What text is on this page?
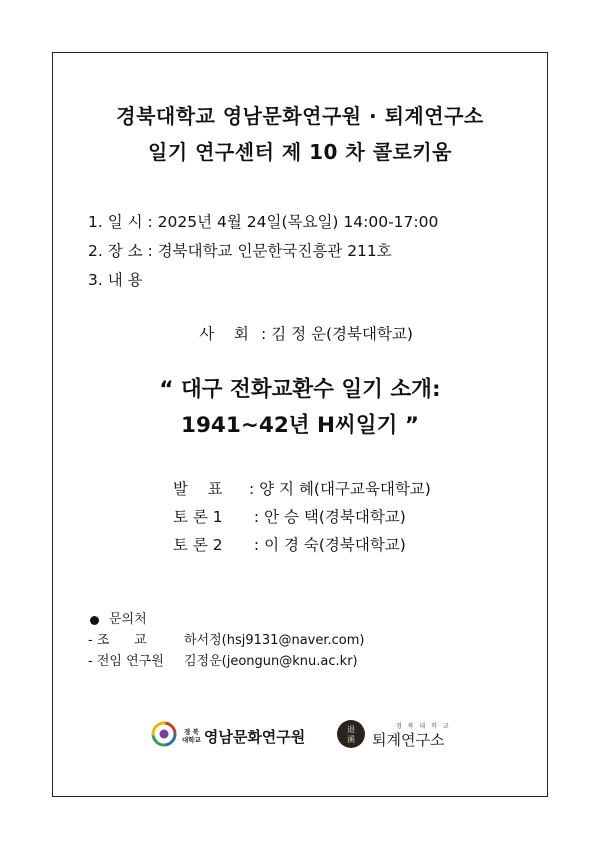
경북대학교 영남문화연구원 · 퇴계연구소
일기 연구센터 제 10 차 콜로키움
1. 일 시 : 2025년 4월 24일(목요일) 14:00-17:00
2. 장 소 : 경북대학교 인문한국진흥관 211호
3. 내 용
사    회 : 김 정 운(경북대학교)
“ 대구 전화교환수 일기 소개:
1941~42년 H씨일기 ”
발    표 : 양 지 혜(대구교육대학교)
토 론 1 : 안 승 택(경북대학교)
토 론 2 : 이 경 숙(경북대학교)
문의처
- 조      교	하서정(hsj9131@naver.com)
- 전임 연구원 김정운(jeongun@knu.ac.kr)
경 북
대학교 영남문화연구원	退
溪
경 북 대 학 교
퇴계연구소
